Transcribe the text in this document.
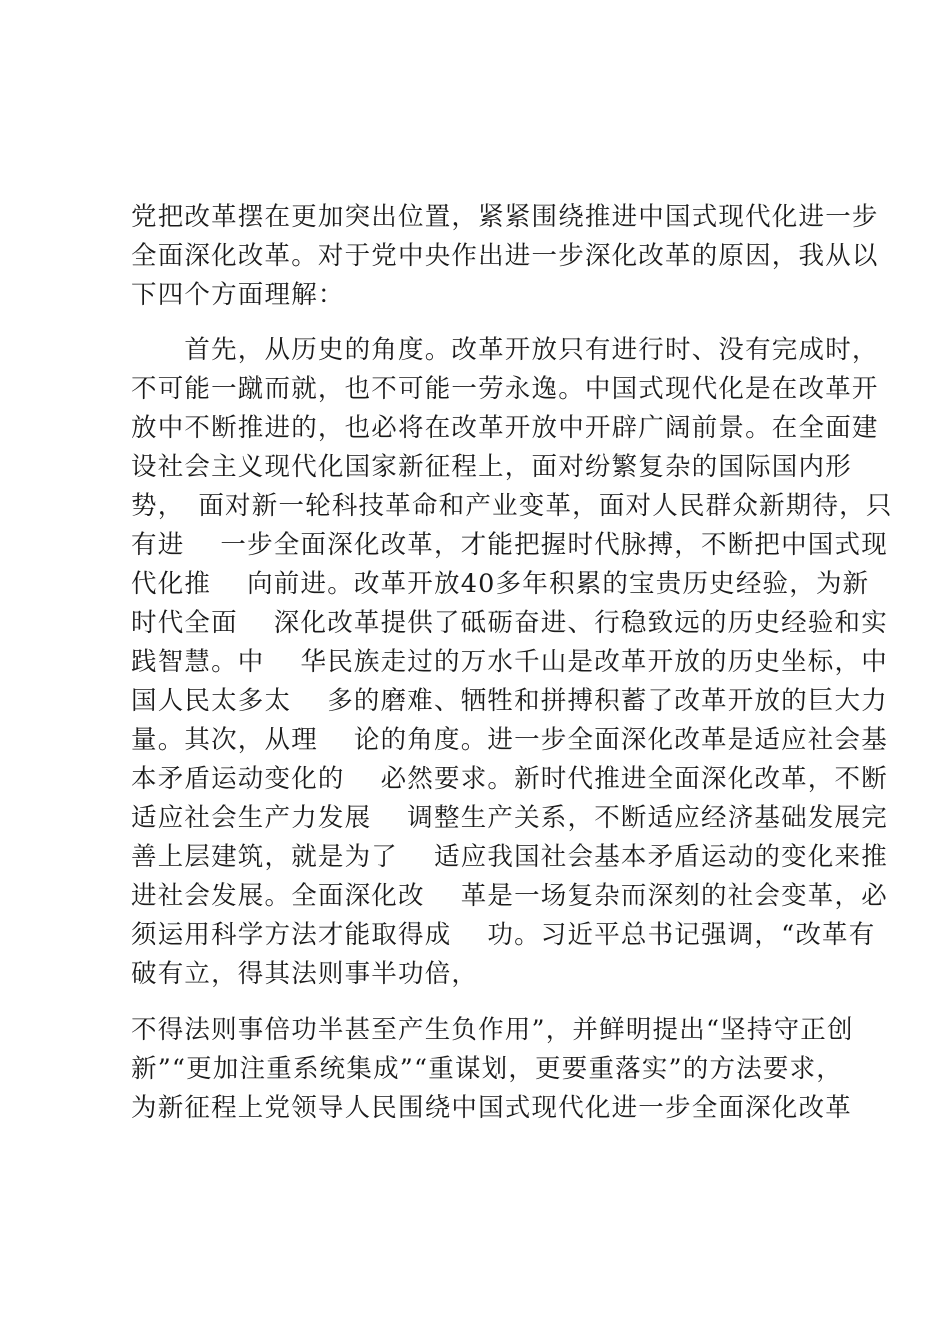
党把改革摆在更加突出位置，紧紧围绕推进中国式现代化进一步
全面深化改革。对于党中央作出进一步深化改革的原因，我从以
下四个方面理解：
　　首先，从历史的角度。改革开放只有进行时、没有完成时，
不可能一蹴而就，也不可能一劳永逸。中国式现代化是在改革开
放中不断推进的，也必将在改革开放中开辟广阔前景。在全面建
设社会主义现代化国家新征程上，面对纷繁复杂的国际国内形
势，　面对新一轮科技革命和产业变革，面对人民群众新期待，只
有进　 一步全面深化改革，才能把握时代脉搏，不断把中国式现
代化推　 向前进。改革开放40多年积累的宝贵历史经验，为新
时代全面　 深化改革提供了砥砺奋进、行稳致远的历史经验和实
践智慧。中　 华民族走过的万水千山是改革开放的历史坐标，中
国人民太多太　 多的磨难、牺牲和拼搏积蓄了改革开放的巨大力
量。其次，从理　 论的角度。进一步全面深化改革是适应社会基
本矛盾运动变化的　 必然要求。新时代推进全面深化改革，不断
适应社会生产力发展　 调整生产关系，不断适应经济基础发展完
善上层建筑，就是为了　 适应我国社会基本矛盾运动的变化来推
进社会发展。全面深化改　 革是一场复杂而深刻的社会变革，必
须运用科学方法才能取得成　 功。习近平总书记强调，“改革有
破有立，得其法则事半功倍，
不得法则事倍功半甚至产生负作用”，并鲜明提出“坚持守正创
新”“更加注重系统集成”“重谋划，更要重落实”的方法要求，
为新征程上党领导人民围绕中国式现代化进一步全面深化改革
